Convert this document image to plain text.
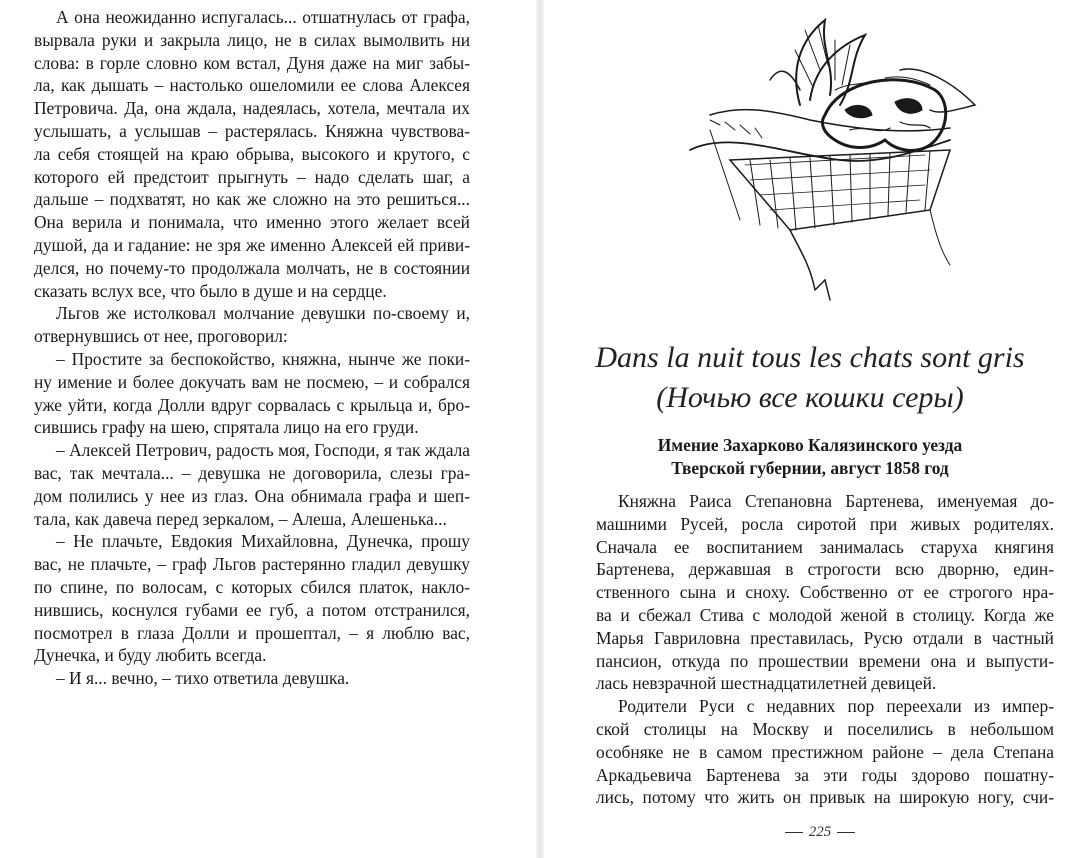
А она неожиданно испугалась... отшатнулась от графа,
вырвала руки и закрыла лицо, не в силах вымолвить ни
слова: в горле словно ком встал, Дуня даже на миг забы-
ла, как дышать – настолько ошеломили ее слова Алексея
Петровича. Да, она ждала, надеялась, хотела, мечтала их
услышать, а услышав – растерялась. Княжна чувствова-
ла себя стоящей на краю обрыва, высокого и крутого, с
которого ей предстоит прыгнуть – надо сделать шаг, а
дальше – подхватят, но как же сложно на это решиться...
Она верила и понимала, что именно этого желает всей
душой, да и гадание: не зря же именно Алексей ей приви-
делся, но почему-то продолжала молчать, не в состоянии
сказать вслух все, что было в душе и на сердце.
Льгов же истолковал молчание девушки по-своему и,
отвернувшись от нее, проговорил:
– Простите за беспокойство, княжна, нынче же поки-
ну имение и более докучать вам не посмею, – и собрался
уже уйти, когда Долли вдруг сорвалась с крыльца и, бро-
сившись графу на шею, спрятала лицо на его груди.
– Алексей Петрович, радость моя, Господи, я так ждала
вас, так мечтала... – девушка не договорила, слезы гра-
дом полились у нее из глаз. Она обнимала графа и шеп-
тала, как давеча перед зеркалом, – Алеша, Алешенька...
– Не плачьте, Евдокия Михайловна, Дунечка, прошу
вас, не плачьте, – граф Льгов растерянно гладил девушку
по спине, по волосам, с которых сбился платок, накло-
нившись, коснулся губами ее губ, а потом отстранился,
посмотрел в глаза Долли и прошептал, – я люблю вас,
Дунечка, и буду любить всегда.
– И я... вечно, – тихо ответила девушка.
Dans la nuit tous les chats sont gris
(Ночью все кошки серы)
Имение Захарково Калязинского уезда
Тверской губернии, август 1858 год
Княжна Раиса Степановна Бартенева, именуемая до-
машними Русей, росла сиротой при живых родителях.
Сначала ее воспитанием занималась старуха княгиня
Бартенева, державшая в строгости всю дворню, един-
ственного сына и сноху. Собственно от ее строгого нра-
ва и сбежал Стива с молодой женой в столицу. Когда же
Марья Гавриловна преставилась, Русю отдали в частный
пансион, откуда по прошествии времени она и выпусти-
лась невзрачной шестнадцатилетней девицей.
Родители Руси с недавних пор переехали из импер-
ской столицы на Москву и поселились в небольшом
особняке не в самом престижном районе – дела Степана
Аркадьевича Бартенева за эти годы здорово пошатну-
лись, потому что жить он привык на широкую ногу, счи-
225
